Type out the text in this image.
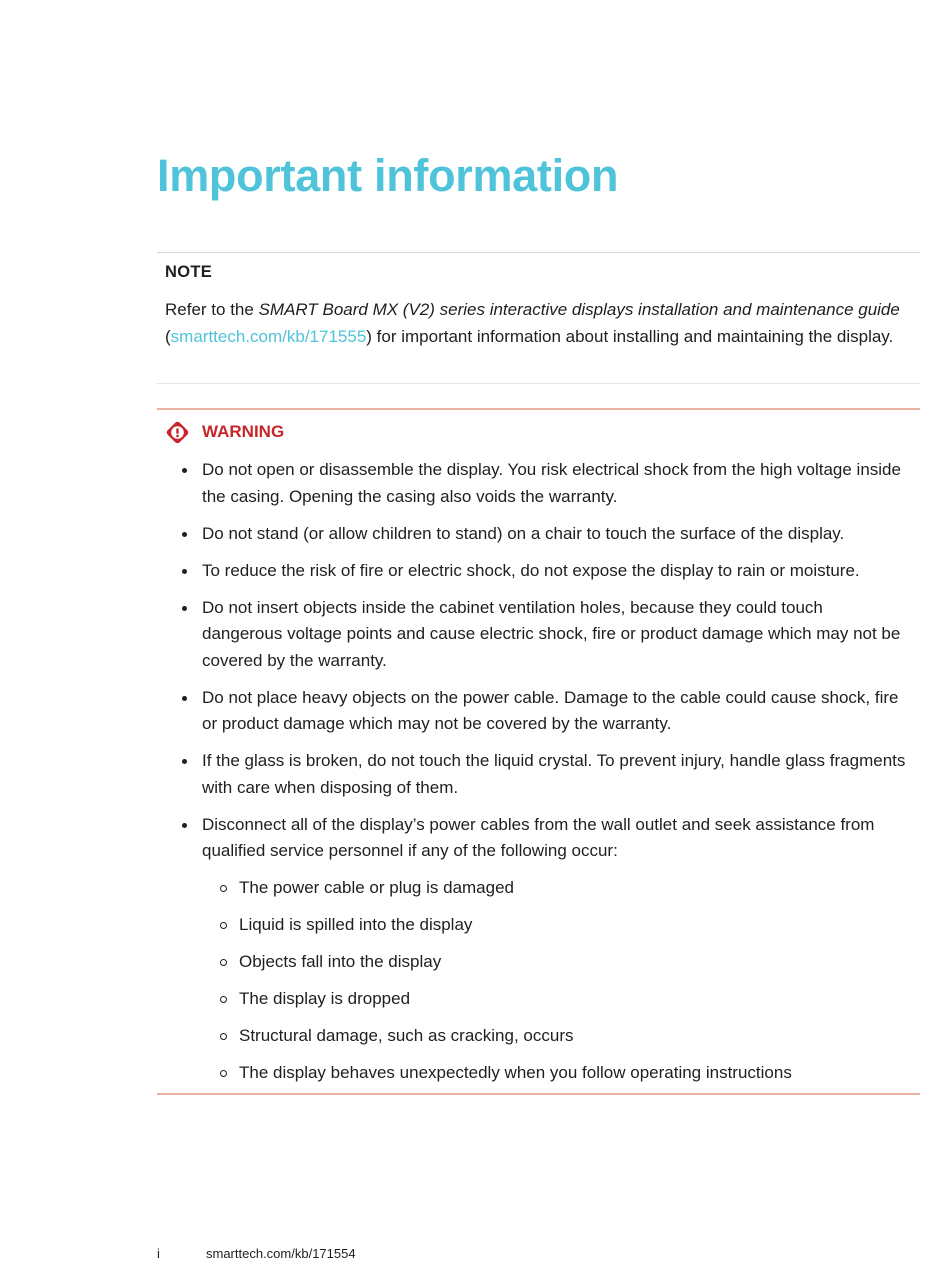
Important information
NOTE
Refer to the SMART Board MX (V2) series interactive displays installation and maintenance guide (smarttech.com/kb/171555) for important information about installing and maintaining the display.
WARNING
Do not open or disassemble the display. You risk electrical shock from the high voltage inside the casing. Opening the casing also voids the warranty.
Do not stand (or allow children to stand) on a chair to touch the surface of the display.
To reduce the risk of fire or electric shock, do not expose the display to rain or moisture.
Do not insert objects inside the cabinet ventilation holes, because they could touch dangerous voltage points and cause electric shock, fire or product damage which may not be covered by the warranty.
Do not place heavy objects on the power cable. Damage to the cable could cause shock, fire or product damage which may not be covered by the warranty.
If the glass is broken, do not touch the liquid crystal. To prevent injury, handle glass fragments with care when disposing of them.
Disconnect all of the display’s power cables from the wall outlet and seek assistance from qualified service personnel if any of the following occur:
The power cable or plug is damaged
Liquid is spilled into the display
Objects fall into the display
The display is dropped
Structural damage, such as cracking, occurs
The display behaves unexpectedly when you follow operating instructions
i	smarttech.com/kb/171554
